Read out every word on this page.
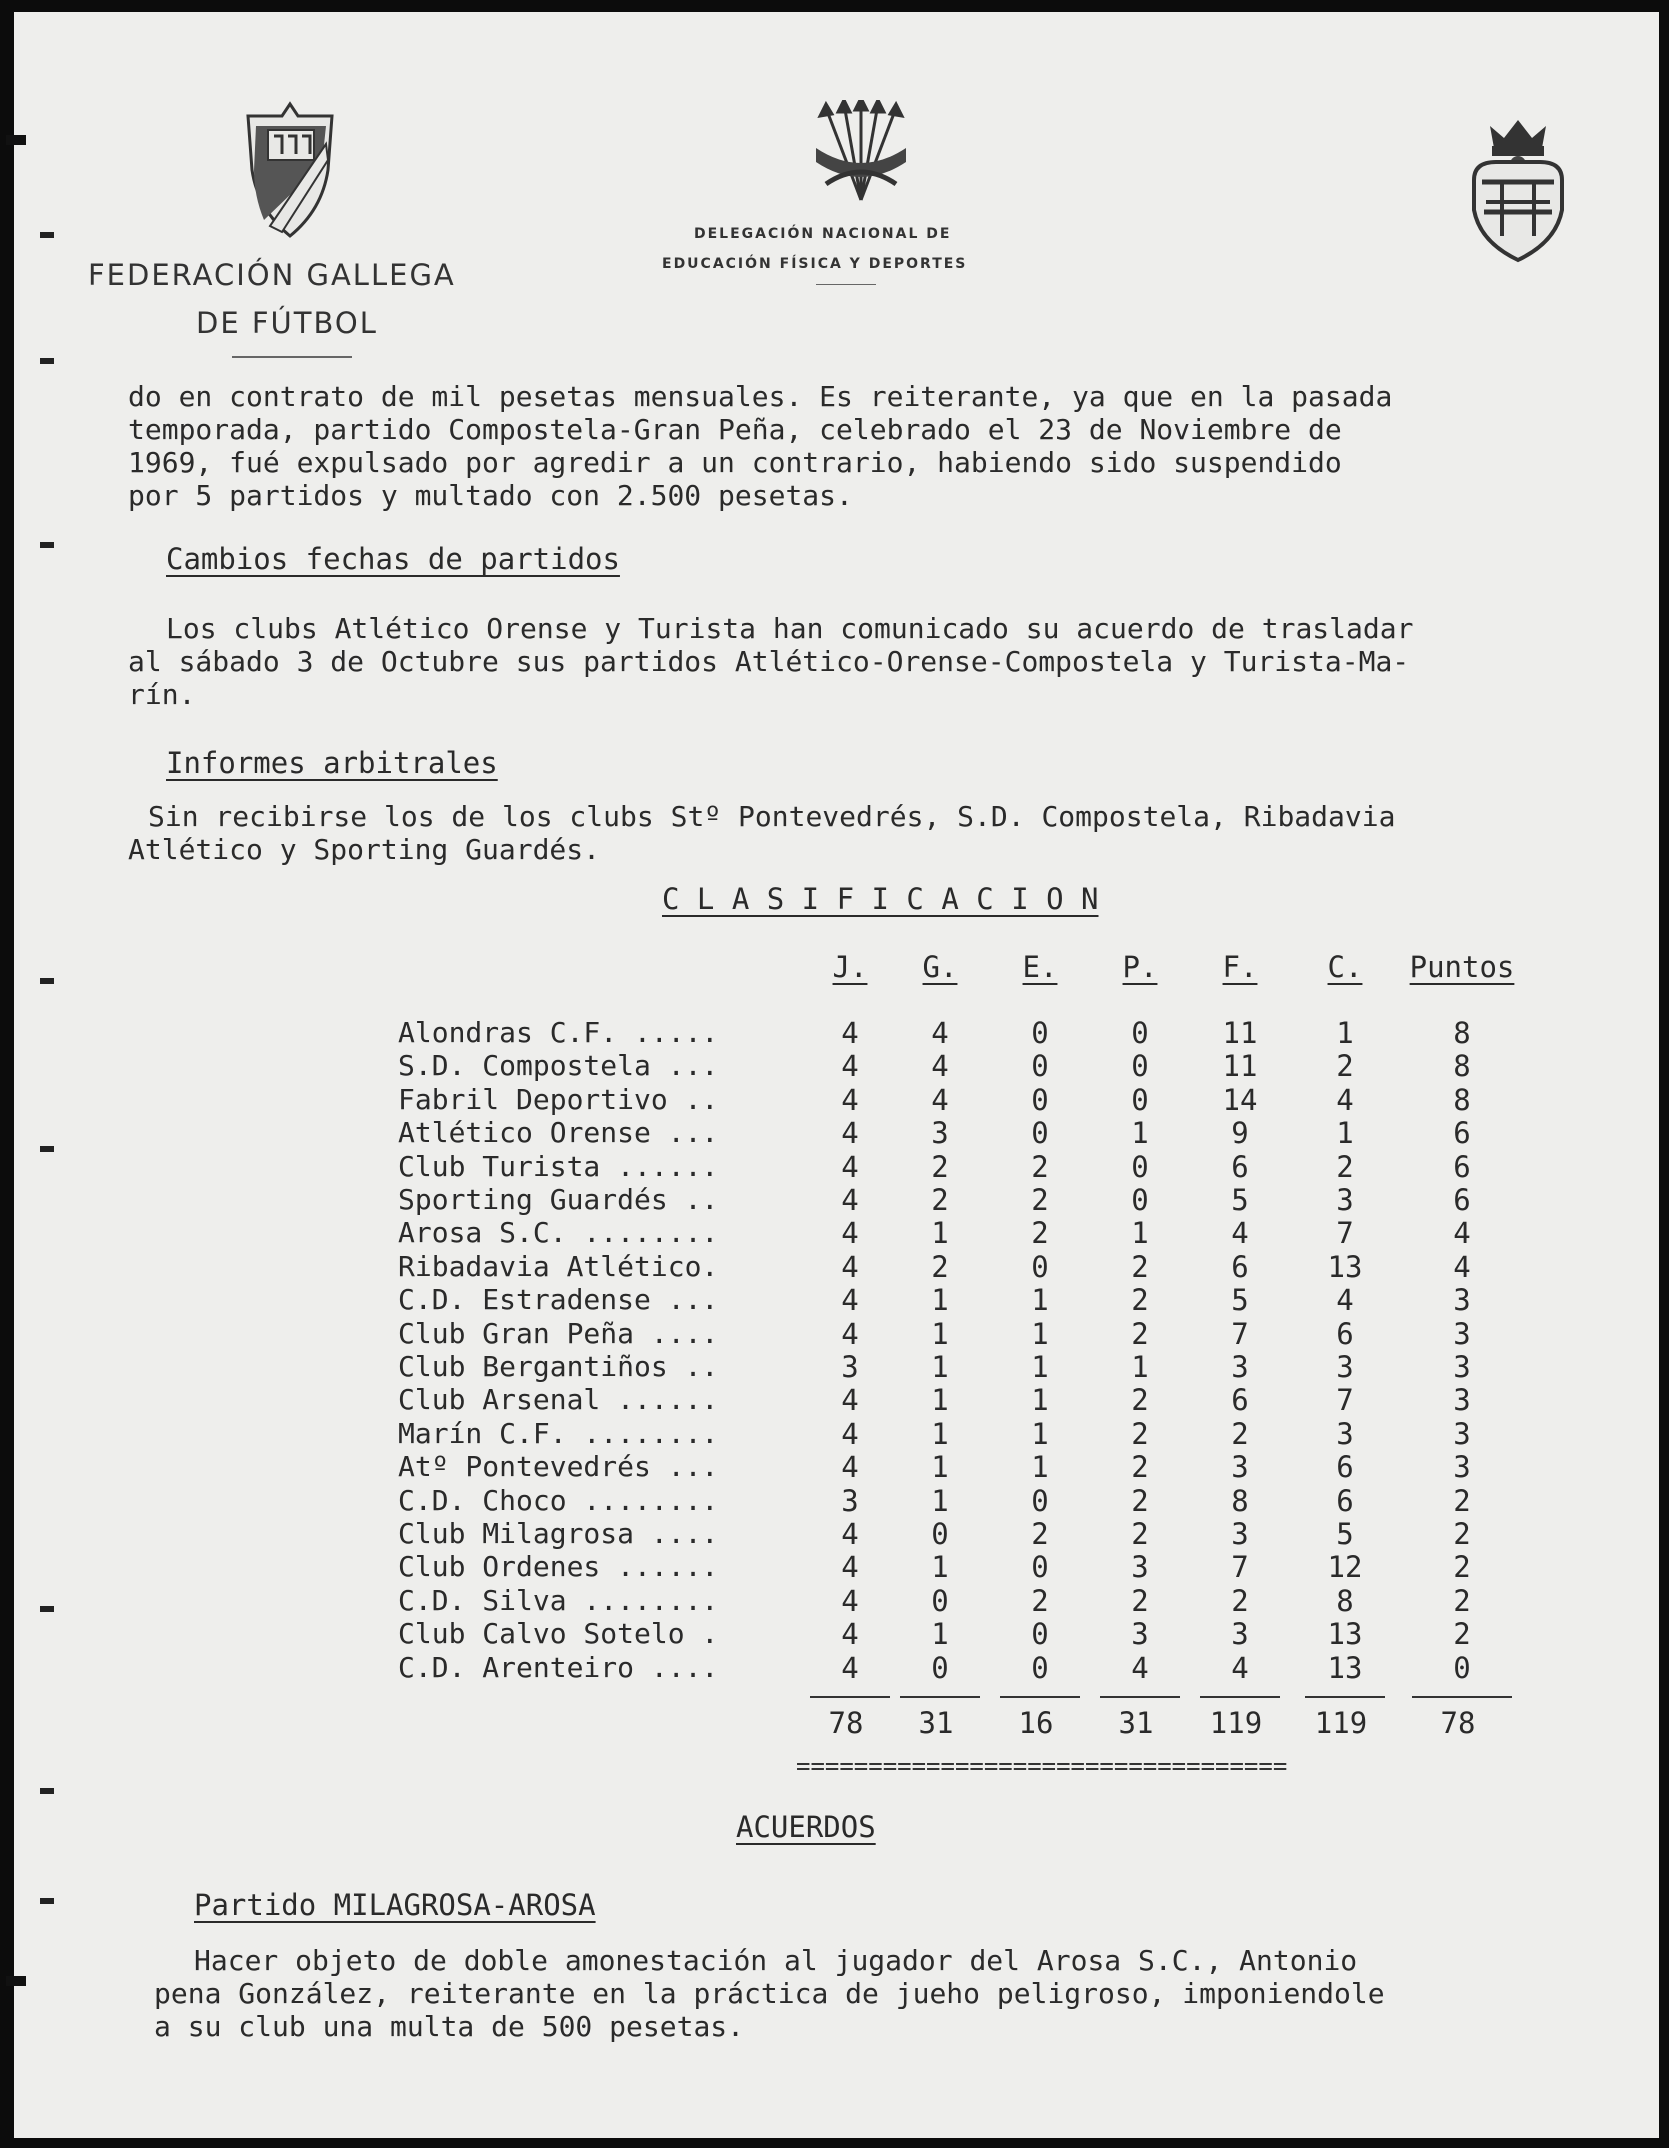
FEDERACIÓN GALLEGA
DE FÚTBOL
DELEGACIÓN NACIONAL DE
EDUCACIÓN FÍSICA Y DEPORTES
do en contrato de mil pesetas mensuales. Es reiterante, ya que en la pasada
temporada, partido Compostela-Gran Peña, celebrado el 23 de Noviembre de
1969, fué expulsado por agredir a un contrario, habiendo sido suspendido
por 5 partidos y multado con 2.500 pesetas.
Cambios fechas de partidos
Los clubs Atlético Orense y Turista han comunicado su acuerdo de trasladar
al sábado 3 de Octubre sus partidos Atlético-Orense-Compostela y Turista-Ma-
rín.
Informes arbitrales
Sin recibirse los de los clubs Stº Pontevedrés, S.D. Compostela, Ribadavia
Atlético y Sporting Guardés.
C L A S I F I C A C I O N
J.	G.	E.	P.	F.	C.	Puntos
Alondras C.F. .....	4	4	0	0	11	1	8
S.D. Compostela ...	4	4	0	0	11	2	8
Fabril Deportivo ..	4	4	0	0	14	4	8
Atlético Orense ...	4	3	0	1	9	1	6
Club Turista ......	4	2	2	0	6	2	6
Sporting Guardés ..	4	2	2	0	5	3	6
Arosa S.C. ........	4	1	2	1	4	7	4
Ribadavia Atlético.	4	2	0	2	6	13	4
C.D. Estradense ...	4	1	1	2	5	4	3
Club Gran Peña ....	4	1	1	2	7	6	3
Club Bergantiños ..	3	1	1	1	3	3	3
Club Arsenal ......	4	1	1	2	6	7	3
Marín C.F. ........	4	1	1	2	2	3	3
Atº Pontevedrés ...	4	1	1	2	3	6	3
C.D. Choco ........	3	1	0	2	8	6	2
Club Milagrosa ....	4	0	2	2	3	5	2
Club Ordenes ......	4	1	0	3	7	12	2
C.D. Silva ........	4	0	2	2	2	8	2
Club Calvo Sotelo .	4	1	0	3	3	13	2
C.D. Arenteiro ....	4	0	0	4	4	13	0
78	31	16	31	119	119	78
==================================
ACUERDOS
Partido MILAGROSA-AROSA
Hacer objeto de doble amonestación al jugador del Arosa S.C., Antonio
pena González, reiterante en la práctica de jueho peligroso, imponiendole
a su club una multa de 500 pesetas.
